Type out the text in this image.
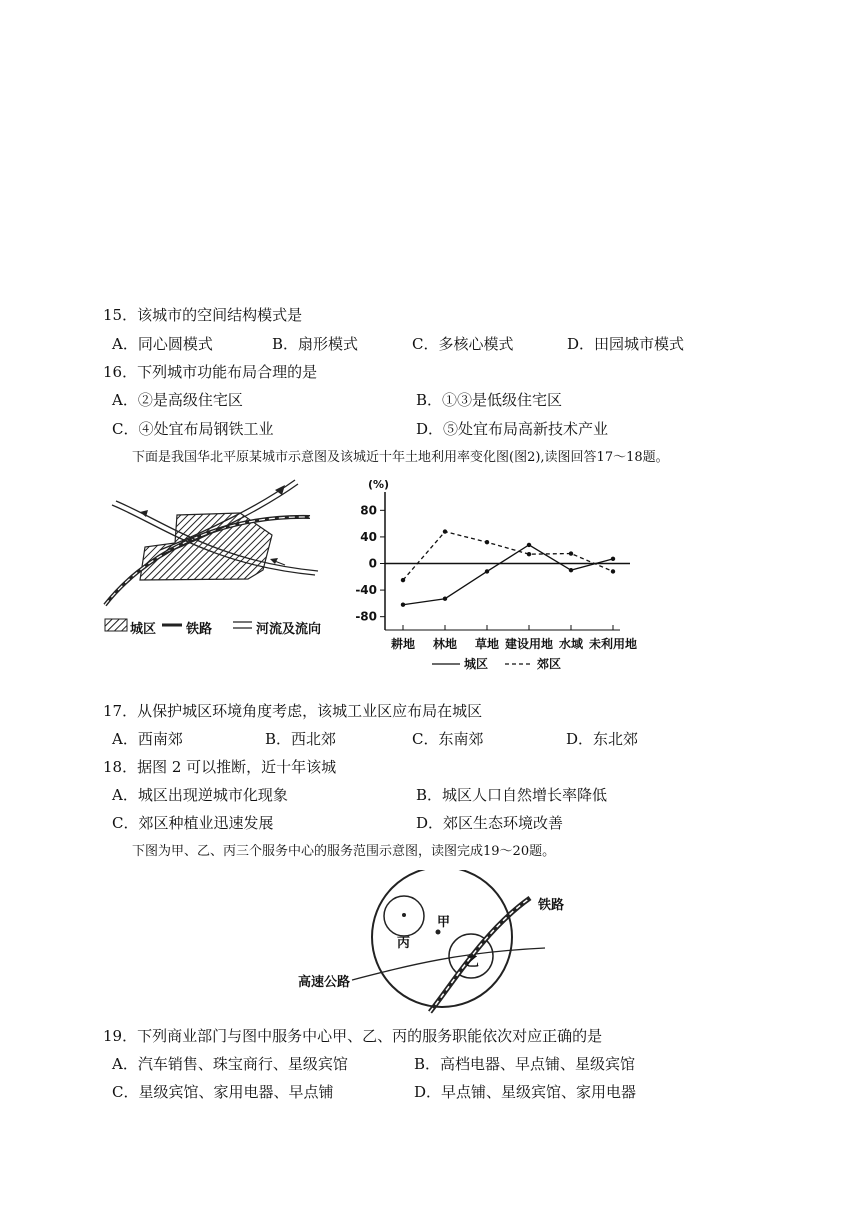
15．该城市的空间结构模式是
A．同心圆模式	B．扇形模式	C．多核心模式	D．田园城市模式
16．下列城市功能布局合理的是
A．②是高级住宅区	B．①③是低级住宅区
C．④处宜布局钢铁工业	D．⑤处宜布局高新技术产业
下面是我国华北平原某城市示意图及该城近十年土地利用率变化图(图2),读图回答17～18题。
城区 铁路	河流及流向
(%)
80
40
0
-40
-80
耕地 林地 草地 建设用地 水域 未利用地
城区	郊区
17．从保护城区环境角度考虑，该城工业区应布局在城区
A．西南郊	B．西北郊	C．东南郊	D．东北郊
18．据图 2 可以推断，近十年该城
A．城区出现逆城市化现象	B．城区人口自然增长率降低
C．郊区种植业迅速发展	D．郊区生态环境改善
下图为甲、乙、丙三个服务中心的服务范围示意图，读图完成19～20题。
甲
丙
乙
铁路
高速公路
19．下列商业部门与图中服务中心甲、乙、丙的服务职能依次对应正确的是
A．汽车销售、珠宝商行、星级宾馆	B．高档电器、早点铺、星级宾馆
C．星级宾馆、家用电器、早点铺	D．早点铺、星级宾馆、家用电器
